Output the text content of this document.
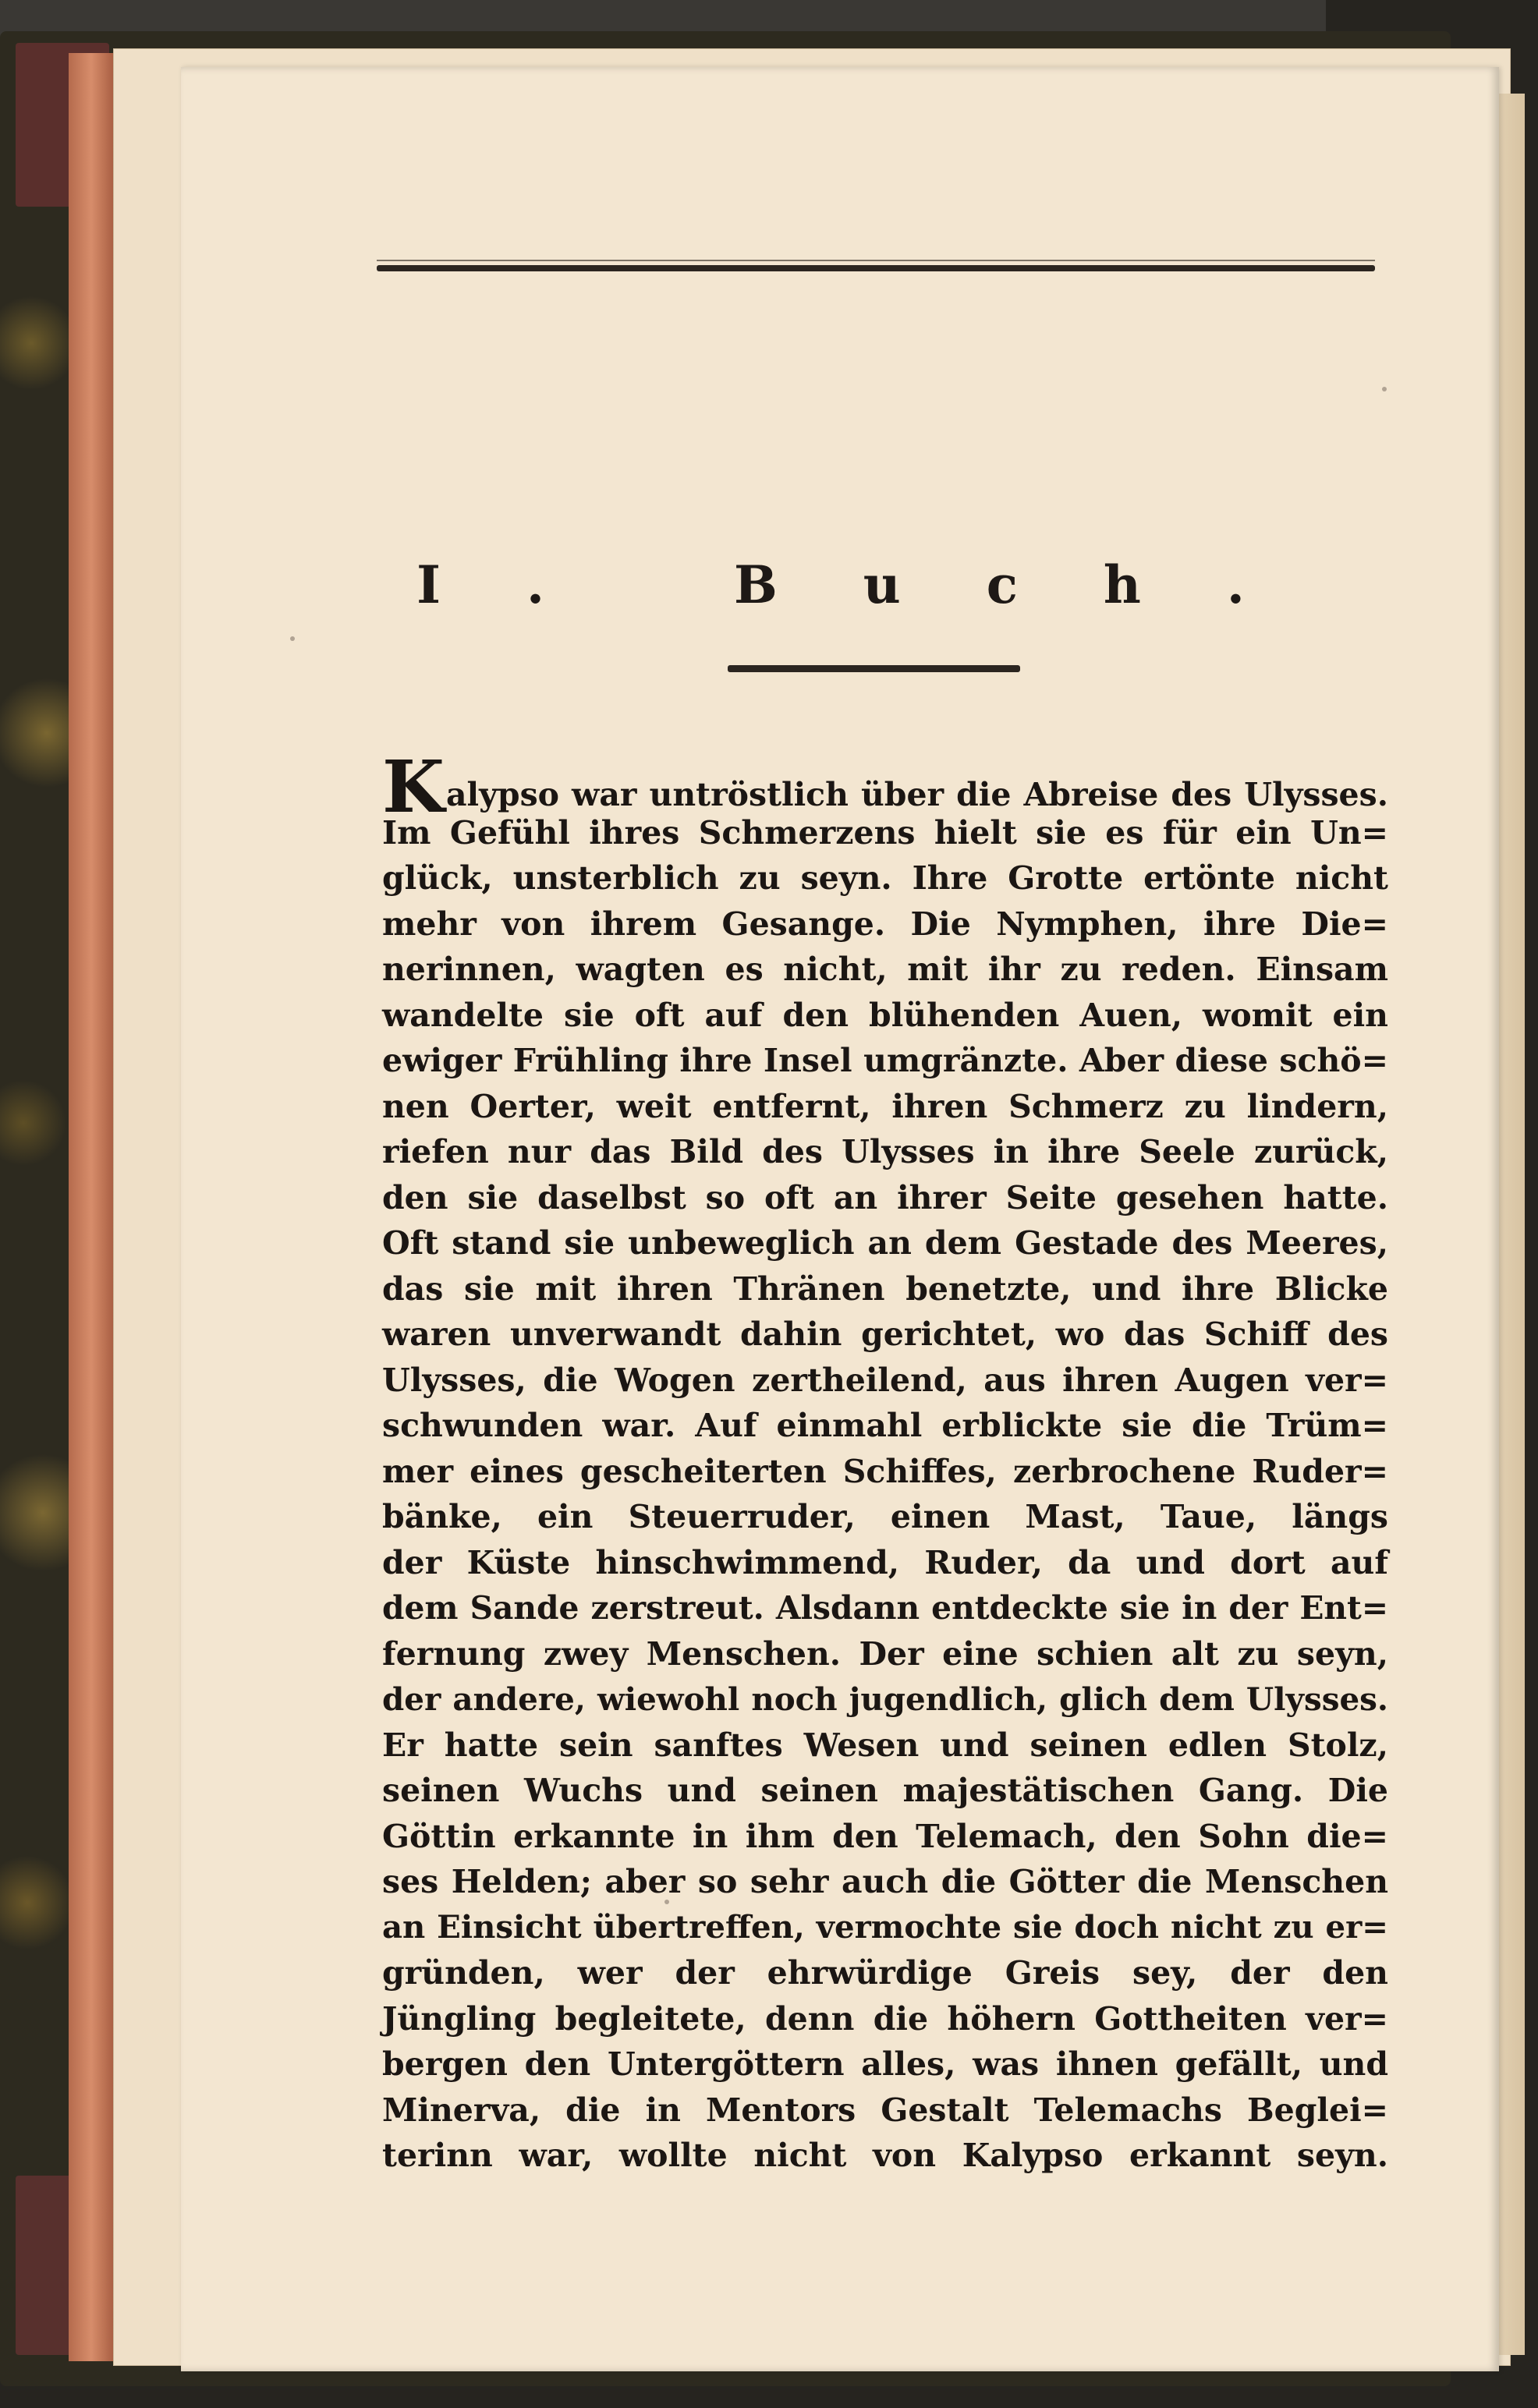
I. Buch.
Kalypso war untröstlich über die Abreise des Ulysses.
Im Gefühl ihres Schmerzens hielt sie es für ein Un=
glück, unsterblich zu seyn. Ihre Grotte ertönte nicht
mehr von ihrem Gesange. Die Nymphen, ihre Die=
nerinnen, wagten es nicht, mit ihr zu reden. Einsam
wandelte sie oft auf den blühenden Auen, womit ein
ewiger Frühling ihre Insel umgränzte. Aber diese schö=
nen Oerter, weit entfernt, ihren Schmerz zu lindern,
riefen nur das Bild des Ulysses in ihre Seele zurück,
den sie daselbst so oft an ihrer Seite gesehen hatte.
Oft stand sie unbeweglich an dem Gestade des Meeres,
das sie mit ihren Thränen benetzte, und ihre Blicke
waren unverwandt dahin gerichtet, wo das Schiff des
Ulysses, die Wogen zertheilend, aus ihren Augen ver=
schwunden war. Auf einmahl erblickte sie die Trüm=
mer eines gescheiterten Schiffes, zerbrochene Ruder=
bänke, ein Steuerruder, einen Mast, Taue, längs
der Küste hinschwimmend, Ruder, da und dort auf
dem Sande zerstreut. Alsdann entdeckte sie in der Ent=
fernung zwey Menschen. Der eine schien alt zu seyn,
der andere, wiewohl noch jugendlich, glich dem Ulysses.
Er hatte sein sanftes Wesen und seinen edlen Stolz,
seinen Wuchs und seinen majestätischen Gang. Die
Göttin erkannte in ihm den Telemach, den Sohn die=
ses Helden; aber so sehr auch die Götter die Menschen
an Einsicht übertreffen, vermochte sie doch nicht zu er=
gründen, wer der ehrwürdige Greis sey, der den
Jüngling begleitete, denn die höhern Gottheiten ver=
bergen den Untergöttern alles, was ihnen gefällt, und
Minerva, die in Mentors Gestalt Telemachs Beglei=
terinn war, wollte nicht von Kalypso erkannt seyn.
